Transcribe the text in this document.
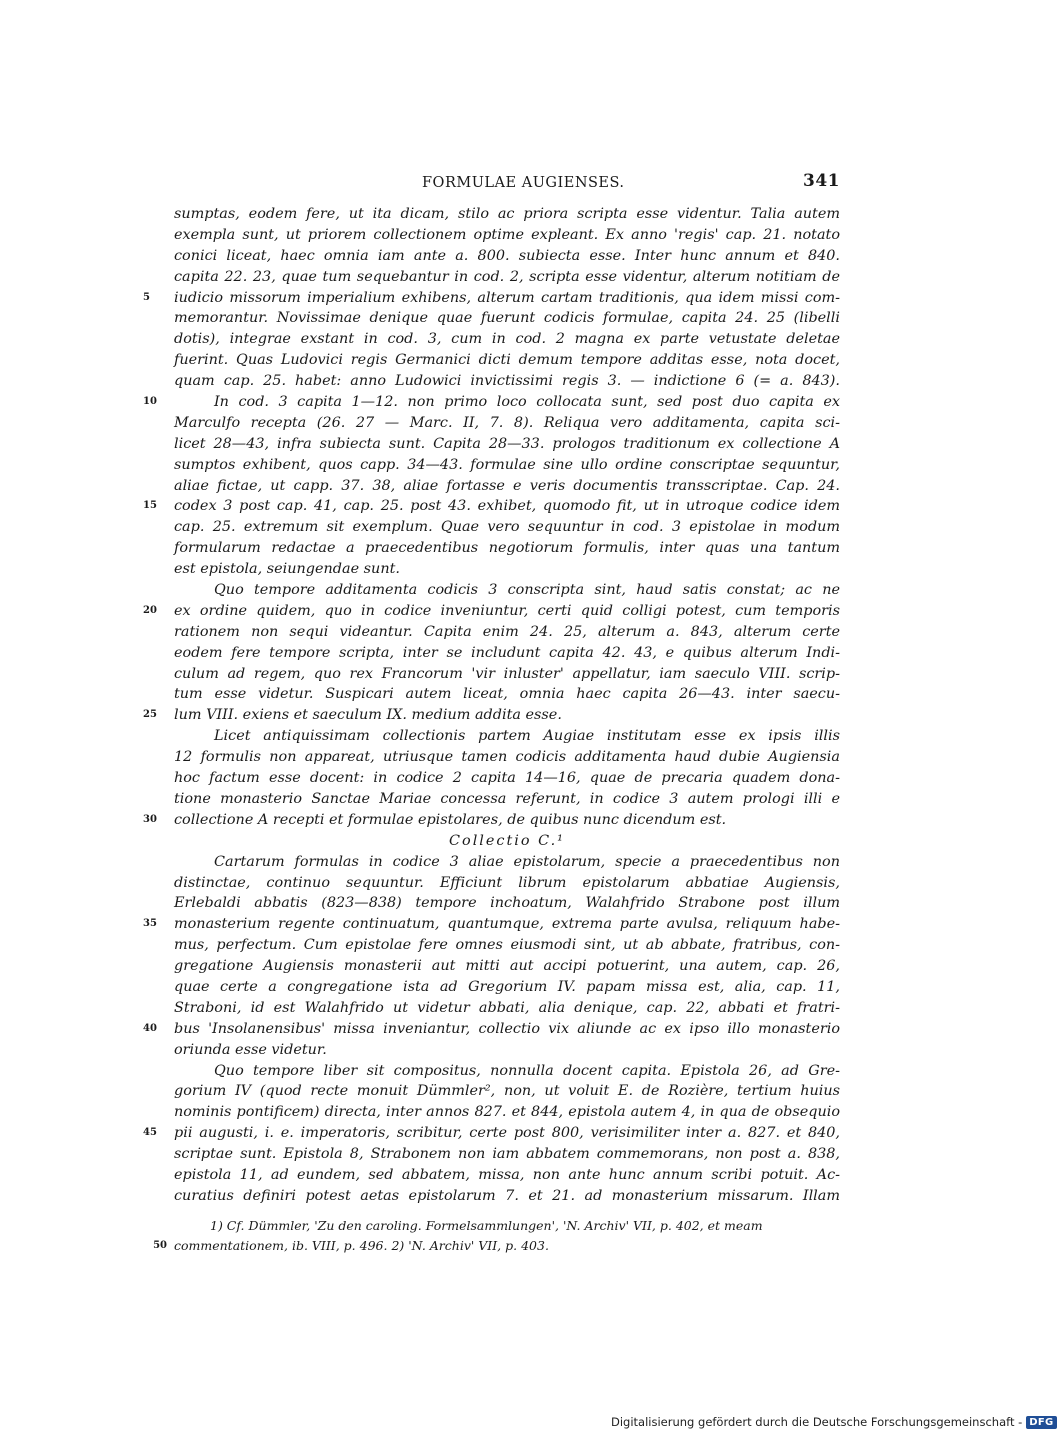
FORMULAE AUGIENSES.	341
sumptas, eodem fere, ut ita dicam, stilo ac priora scripta esse videntur. Talia autem
exempla sunt, ut priorem collectionem optime expleant. Ex anno 'regis' cap. 21. notato
conici liceat, haec omnia iam ante a. 800. subiecta esse. Inter hunc annum et 840.
capita 22. 23, quae tum sequebantur in cod. 2, scripta esse videntur, alterum notitiam de
5	iudicio missorum imperialium exhibens, alterum cartam traditionis, qua idem missi com-
memorantur. Novissimae denique quae fuerunt codicis formulae, capita 24. 25 (libelli
dotis), integrae exstant in cod. 3, cum in cod. 2 magna ex parte vetustate deletae
fuerint. Quas Ludovici regis Germanici dicti demum tempore additas esse, nota docet,
quam cap. 25. habet: anno Ludowici invictissimi regis 3. — indictione 6 (= a. 843).
10	In cod. 3 capita 1—12. non primo loco collocata sunt, sed post duo capita ex
Marculfo recepta (26. 27 — Marc. II, 7. 8). Reliqua vero additamenta, capita sci-
licet 28—43, infra subiecta sunt. Capita 28—33. prologos traditionum ex collectione A
sumptos exhibent, quos capp. 34—43. formulae sine ullo ordine conscriptae sequuntur,
aliae fictae, ut capp. 37. 38, aliae fortasse e veris documentis transscriptae. Cap. 24.
15	codex 3 post cap. 41, cap. 25. post 43. exhibet, quomodo fit, ut in utroque codice idem
cap. 25. extremum sit exemplum. Quae vero sequuntur in cod. 3 epistolae in modum
formularum redactae a praecedentibus negotiorum formulis, inter quas una tantum
est epistola, seiungendae sunt.
Quo tempore additamenta codicis 3 conscripta sint, haud satis constat; ac ne
20	ex ordine quidem, quo in codice inveniuntur, certi quid colligi potest, cum temporis
rationem non sequi videantur. Capita enim 24. 25, alterum a. 843, alterum certe
eodem fere tempore scripta, inter se includunt capita 42. 43, e quibus alterum Indi-
culum ad regem, quo rex Francorum 'vir inluster' appellatur, iam saeculo VIII. scrip-
tum esse videtur. Suspicari autem liceat, omnia haec capita 26—43. inter saecu-
25	lum VIII. exiens et saeculum IX. medium addita esse.
Licet antiquissimam collectionis partem Augiae institutam esse ex ipsis illis
12 formulis non appareat, utriusque tamen codicis additamenta haud dubie Augiensia
hoc factum esse docent: in codice 2 capita 14—16, quae de precaria quadem dona-
tione monasterio Sanctae Mariae concessa referunt, in codice 3 autem prologi illi e
30	collectione A recepti et formulae epistolares, de quibus nunc dicendum est.
Collectio C.¹
Cartarum formulas in codice 3 aliae epistolarum, specie a praecedentibus non
distinctae, continuo sequuntur. Efficiunt librum epistolarum abbatiae Augiensis,
Erlebaldi abbatis (823—838) tempore inchoatum, Walahfrido Strabone post illum
35	monasterium regente continuatum, quantumque, extrema parte avulsa, reliquum habe-
mus, perfectum. Cum epistolae fere omnes eiusmodi sint, ut ab abbate, fratribus, con-
gregatione Augiensis monasterii aut mitti aut accipi potuerint, una autem, cap. 26,
quae certe a congregatione ista ad Gregorium IV. papam missa est, alia, cap. 11,
Straboni, id est Walahfrido ut videtur abbati, alia denique, cap. 22, abbati et fratri-
40	bus 'Insolanensibus' missa inveniantur, collectio vix aliunde ac ex ipso illo monasterio
oriunda esse videtur.
Quo tempore liber sit compositus, nonnulla docent capita. Epistola 26, ad Gre-
gorium IV (quod recte monuit Dümmler², non, ut voluit E. de Rozière, tertium huius
nominis pontificem) directa, inter annos 827. et 844, epistola autem 4, in qua de obsequio
45	pii augusti, i. e. imperatoris, scribitur, certe post 800, verisimiliter inter a. 827. et 840,
scriptae sunt. Epistola 8, Strabonem non iam abbatem commemorans, non post a. 838,
epistola 11, ad eundem, sed abbatem, missa, non ante hunc annum scribi potuit. Ac-
curatius definiri potest aetas epistolarum 7. et 21. ad monasterium missarum. Illam
1) Cf. Dümmler, 'Zu den caroling. Formelsammlungen', 'N. Archiv' VII, p. 402, et meam
50 commentationem, ib. VIII, p. 496. 2) 'N. Archiv' VII, p. 403.
Digitalisierung gefördert durch die Deutsche Forschungsgemeinschaft - DFG
